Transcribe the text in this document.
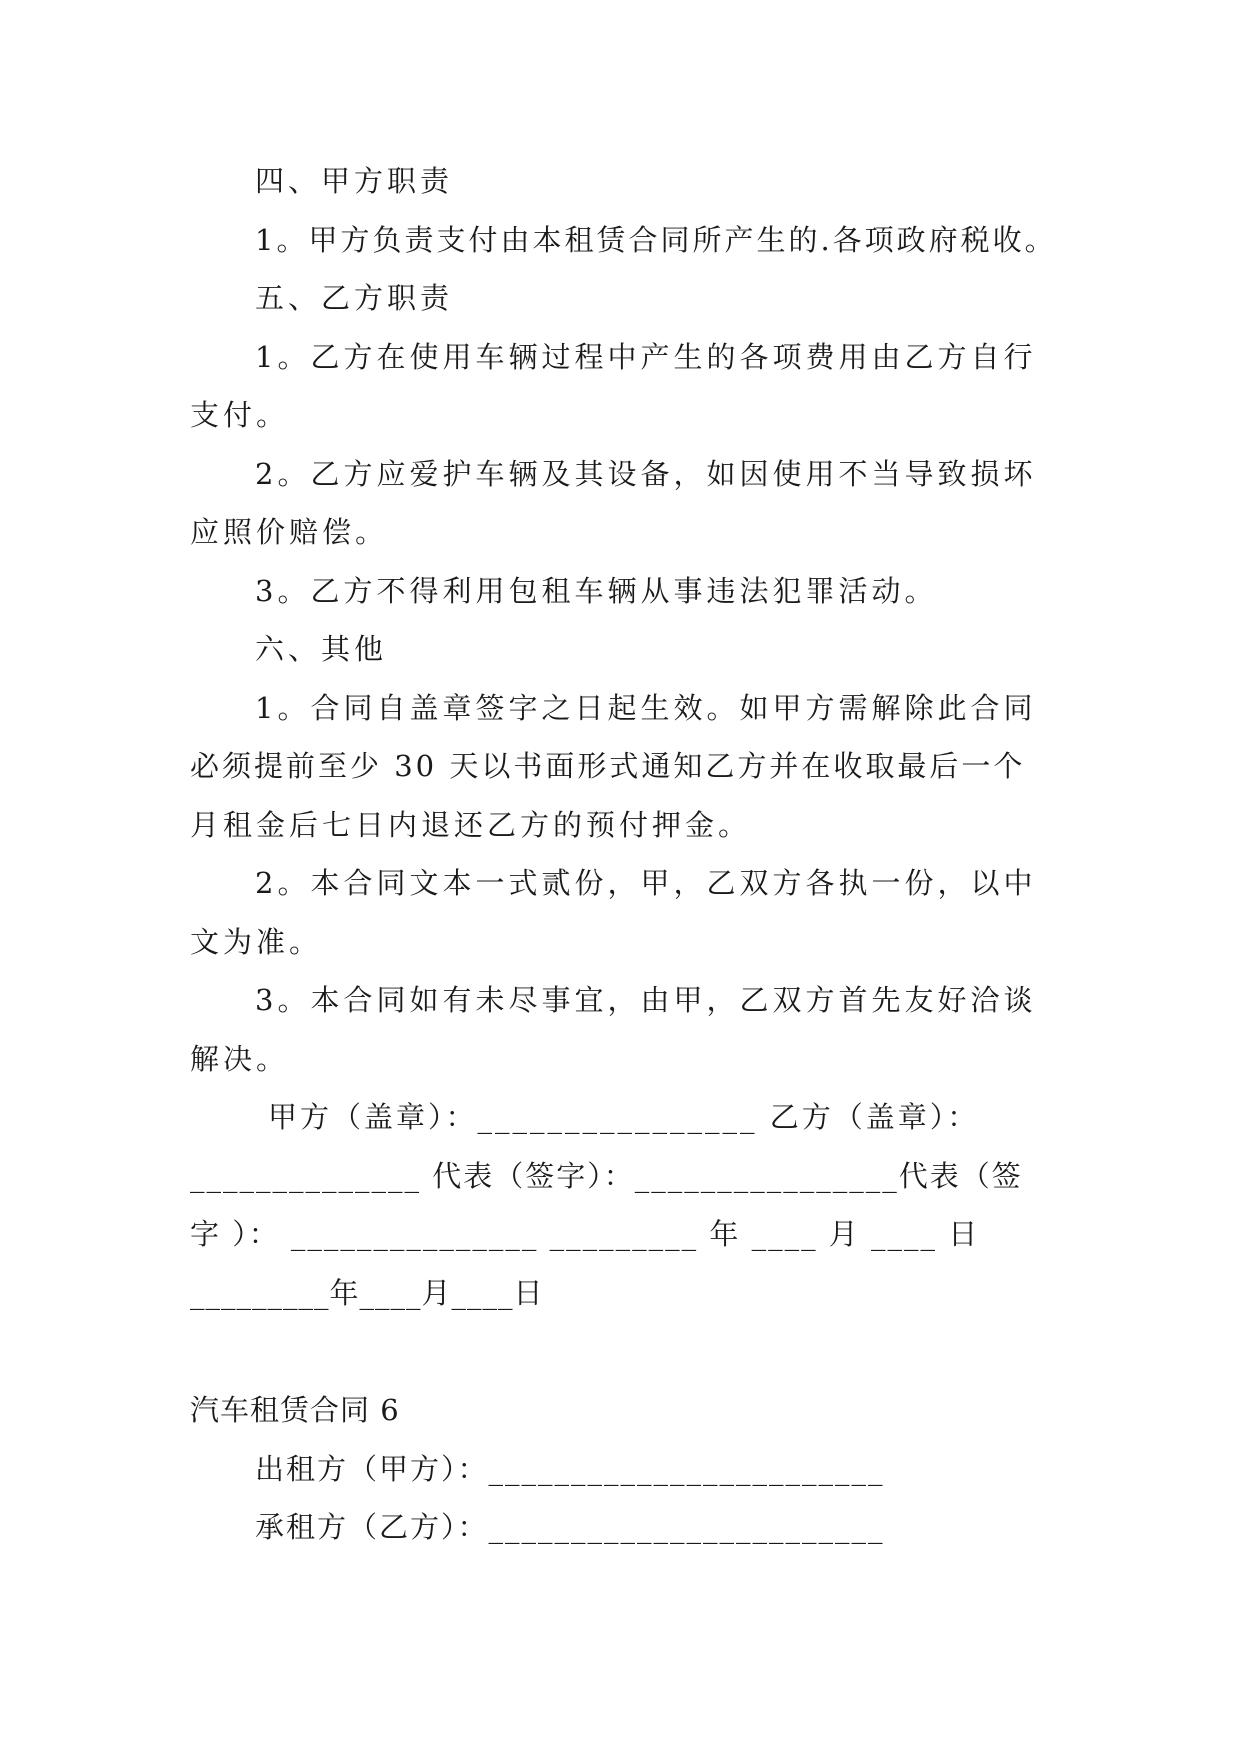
四、甲方职责
1。甲方负责支付由本租赁合同所产生的.各项政府税收。
五、乙方职责
1。乙方在使用车辆过程中产生的各项费用由乙方自行
支付。
2。乙方应爱护车辆及其设备，如因使用不当导致损坏
应照价赔偿。
3。乙方不得利用包租车辆从事违法犯罪活动。
六、其他
1。合同自盖章签字之日起生效。如甲方需解除此合同
必须提前至少 30 天以书面形式通知乙方并在收取最后一个
月租金后七日内退还乙方的预付押金。
2。本合同文本一式贰份，甲，乙双方各执一份，以中
文为准。
3。本合同如有未尽事宜，由甲，乙双方首先友好洽谈
解决。
甲方（盖章）：________________ 乙方（盖章）：
______________ 代表（签字）：________________代表（签
字 ）： _______________ _________ 年 ____ 月 ____ 日
_________年____月____日
汽车租赁合同 6
出租方（甲方）：________________________
承租方（乙方）：________________________
